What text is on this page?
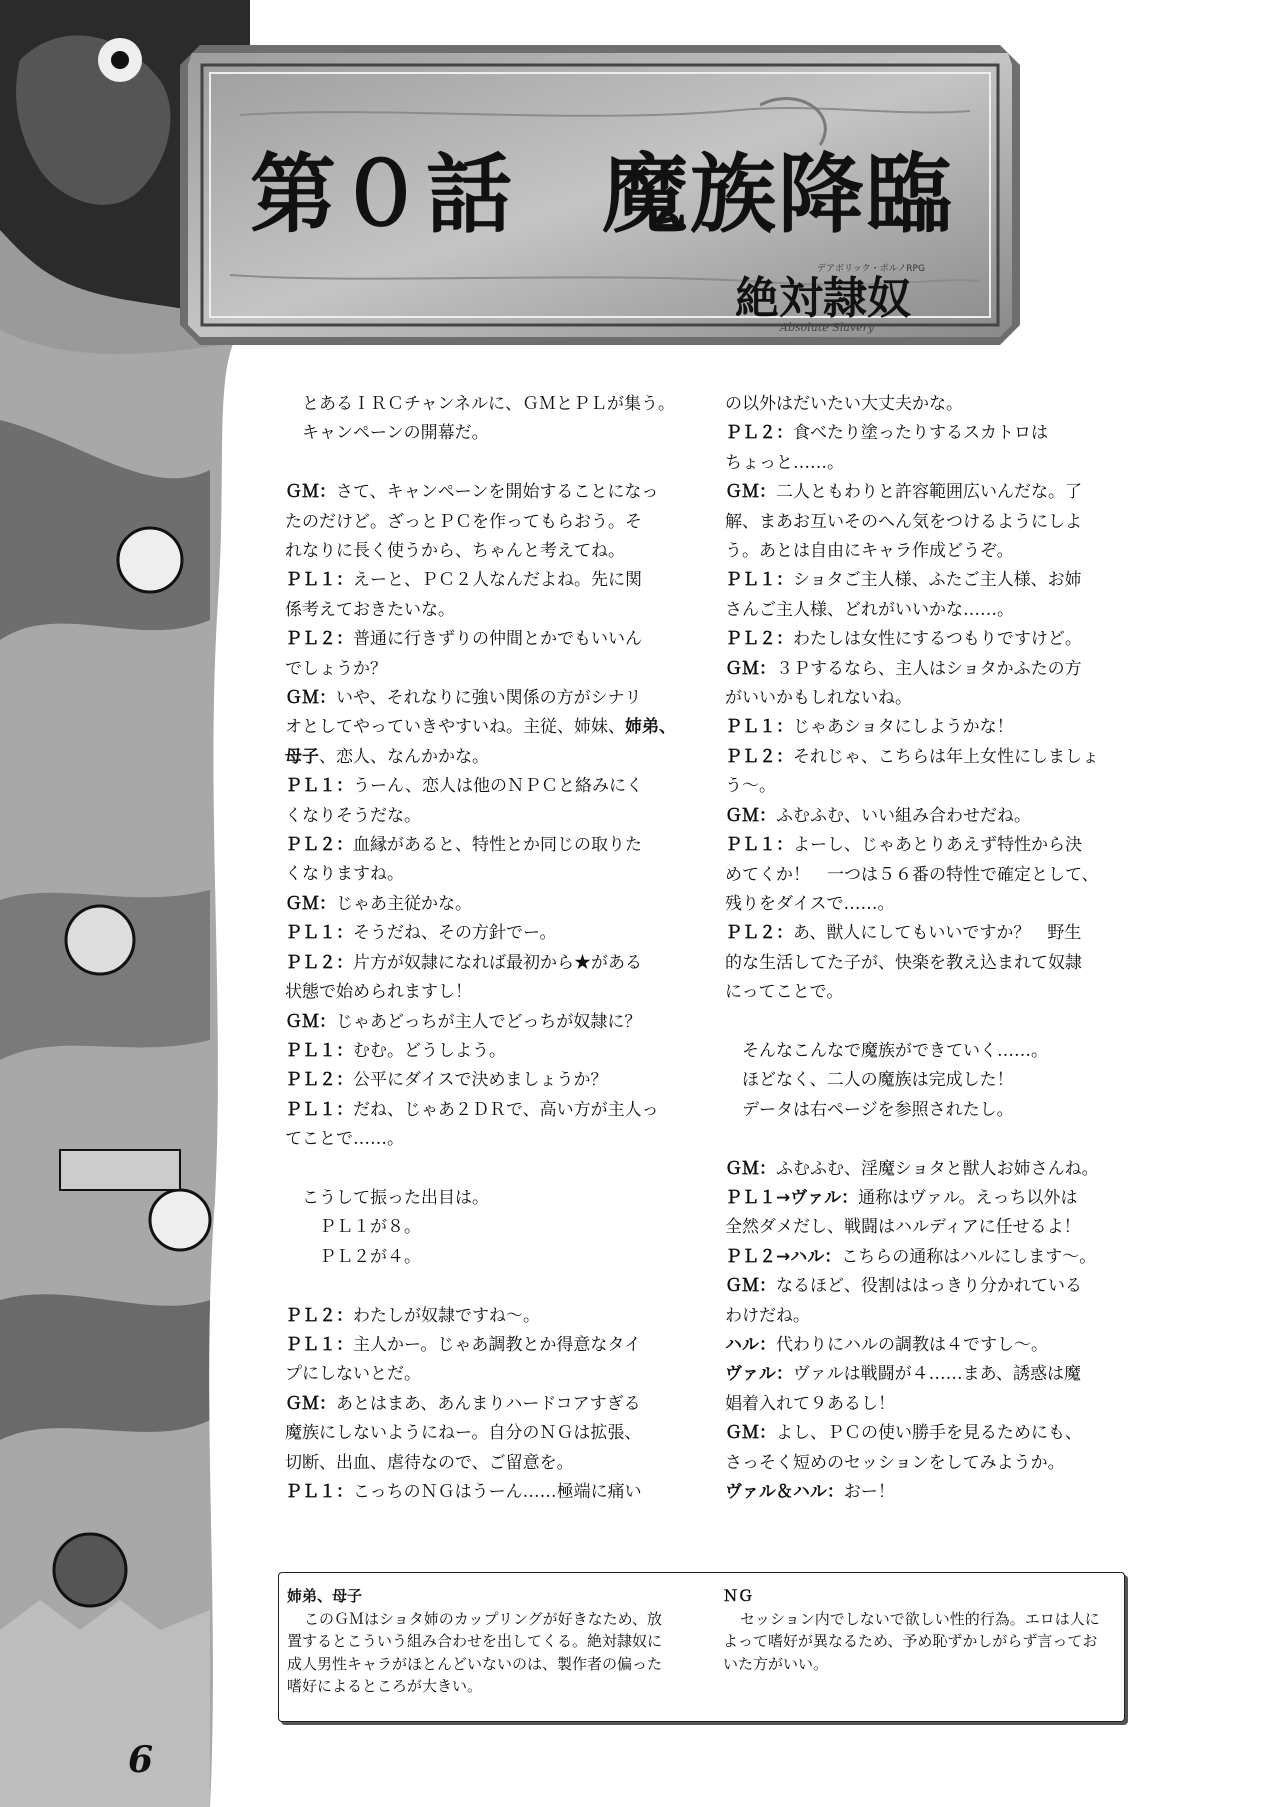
第０話　魔族降臨
デアボリック・ポルノRPG
絶対隷奴
Absolute Slavery
とあるＩＲＣチャンネルに、ＧＭとＰＬが集う。
キャンペーンの開幕だ。
ＧＭ：さて、キャンペーンを開始することになっ
たのだけど。ざっとＰＣを作ってもらおう。そ
れなりに長く使うから、ちゃんと考えてね。
ＰＬ１：えーと、ＰＣ２人なんだよね。先に関
係考えておきたいな。
ＰＬ２：普通に行きずりの仲間とかでもいいん
でしょうか？
ＧＭ：いや、それなりに強い関係の方がシナリ
オとしてやっていきやすいね。主従、姉妹、姉弟、
母子、恋人、なんかかな。
ＰＬ１：うーん、恋人は他のＮＰＣと絡みにく
くなりそうだな。
ＰＬ２：血縁があると、特性とか同じの取りた
くなりますね。
ＧＭ：じゃあ主従かな。
ＰＬ１：そうだね、その方針でー。
ＰＬ２：片方が奴隷になれば最初から★がある
状態で始められますし！
ＧＭ：じゃあどっちが主人でどっちが奴隷に？
ＰＬ１：むむ。どうしよう。
ＰＬ２：公平にダイスで決めましょうか？
ＰＬ１：だね、じゃあ２ＤＲで、高い方が主人っ
てことで……。
こうして振った出目は。
ＰＬ１が８。
ＰＬ２が４。
ＰＬ２：わたしが奴隷ですね～。
ＰＬ１：主人かー。じゃあ調教とか得意なタイ
プにしないとだ。
ＧＭ：あとはまあ、あんまりハードコアすぎる
魔族にしないようにねー。自分のＮＧは拡張、
切断、出血、虐待なので、ご留意を。
ＰＬ１：こっちのＮＧはうーん……極端に痛い
の以外はだいたい大丈夫かな。
ＰＬ２：食べたり塗ったりするスカトロは
ちょっと……。
ＧＭ：二人ともわりと許容範囲広いんだな。了
解、まあお互いそのへん気をつけるようにしよ
う。あとは自由にキャラ作成どうぞ。
ＰＬ１：ショタご主人様、ふたご主人様、お姉
さんご主人様、どれがいいかな……。
ＰＬ２：わたしは女性にするつもりですけど。
ＧＭ：３Ｐするなら、主人はショタかふたの方
がいいかもしれないね。
ＰＬ１：じゃあショタにしようかな！
ＰＬ２：それじゃ、こちらは年上女性にしましょ
う～。
ＧＭ：ふむふむ、いい組み合わせだね。
ＰＬ１：よーし、じゃあとりあえず特性から決
めてくか！　一つは５６番の特性で確定として、
残りをダイスで……。
ＰＬ２：あ、獣人にしてもいいですか？　野生
的な生活してた子が、快楽を教え込まれて奴隷
にってことで。
そんなこんなで魔族ができていく……。
ほどなく、二人の魔族は完成した！
データは右ページを参照されたし。
ＧＭ：ふむふむ、淫魔ショタと獣人お姉さんね。
ＰＬ１→ヴァル：通称はヴァル。えっち以外は
全然ダメだし、戦闘はハルディアに任せるよ！
ＰＬ２→ハル：こちらの通称はハルにします～。
ＧＭ：なるほど、役割ははっきり分かれている
わけだね。
ハル：代わりにハルの調教は４ですし～。
ヴァル：ヴァルは戦闘が４……まあ、誘惑は魔
娼着入れて９あるし！
ＧＭ：よし、ＰＣの使い勝手を見るためにも、
さっそく短めのセッションをしてみようか。
ヴァル＆ハル：おー！
姉弟、母子
このＧＭはショタ姉のカップリングが好きなため、放
置するとこういう組み合わせを出してくる。絶対隷奴に
成人男性キャラがほとんどいないのは、製作者の偏った
嗜好によるところが大きい。
ＮＧ
セッション内でしないで欲しい性的行為。エロは人に
よって嗜好が異なるため、予め恥ずかしがらず言ってお
いた方がいい。
6
